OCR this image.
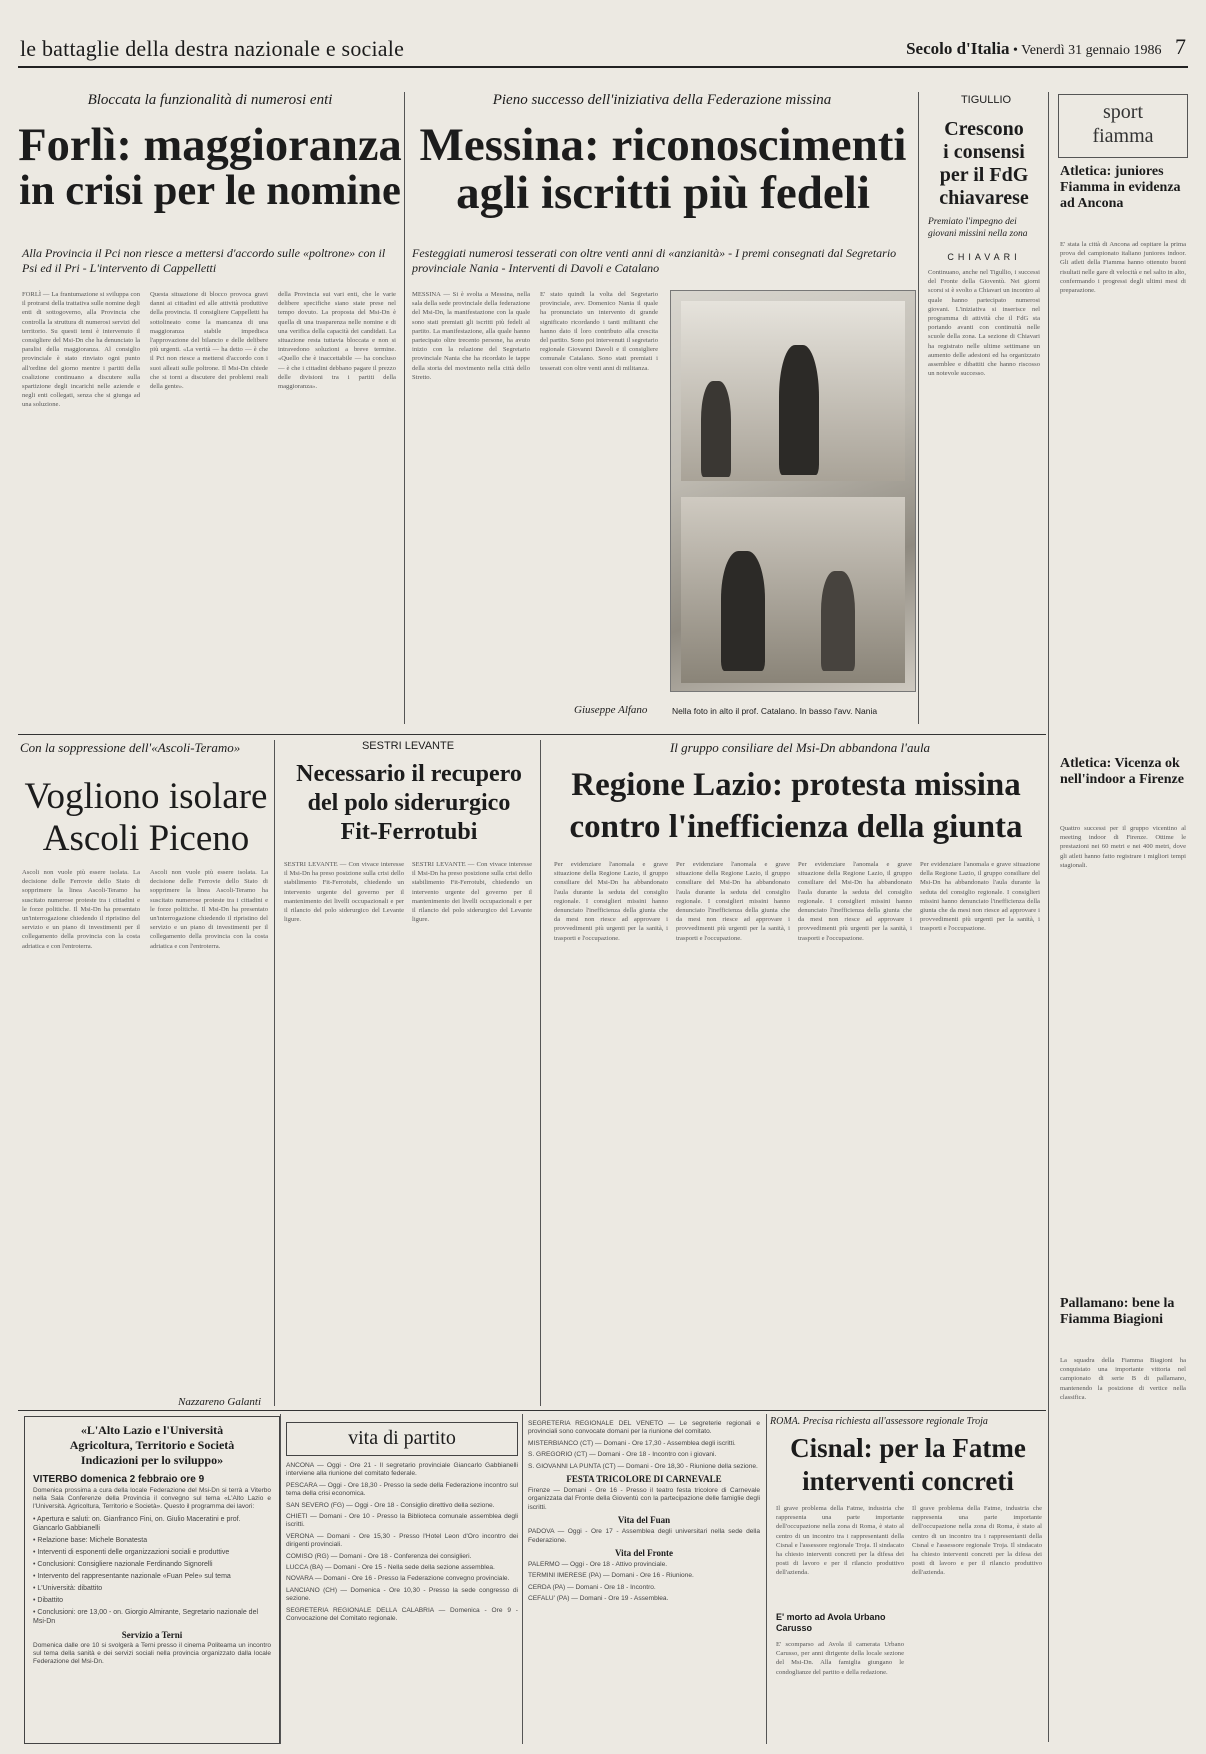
le battaglie della destra nazionale e sociale	Secolo d'Italia • Venerdì 31 gennaio 1986 7
Bloccata la funzionalità di numerosi enti
Forlì: maggioranza
in crisi per le nomine
Alla Provincia il Pci non riesce a mettersi d'accordo sulle «poltrone» con il Psi ed il Pri - L'intervento di Cappelletti
FORLÌ — La frantumazione si sviluppa con il protrarsi della trattativa sulle nomine degli enti di sottogoverno, alla Provincia che controlla la struttura di numerosi servizi del territorio. Su questi temi è intervenuto il consigliere del Msi-Dn che ha denunciato la paralisi della maggioranza. Al consiglio provinciale è stato rinviato ogni punto all'ordine del giorno mentre i partiti della coalizione continuano a discutere sulla spartizione degli incarichi nelle aziende e negli enti collegati, senza che si giunga ad una soluzione.
Questa situazione di blocco provoca gravi danni ai cittadini ed alle attività produttive della provincia. Il consigliere Cappelletti ha sottolineato come la mancanza di una maggioranza stabile impedisca l'approvazione del bilancio e delle delibere più urgenti. «La verità — ha detto — è che il Pci non riesce a mettersi d'accordo con i suoi alleati sulle poltrone. Il Msi-Dn chiede che si torni a discutere dei problemi reali della gente».
della Provincia sui vari enti, che le varie delibere specifiche siano state prese nel tempo dovuto. La proposta del Msi-Dn è quella di una trasparenza nelle nomine e di una verifica della capacità dei candidati. La situazione resta tuttavia bloccata e non si intravedono soluzioni a breve termine. «Quello che è inaccettabile — ha concluso — è che i cittadini debbano pagare il prezzo delle divisioni tra i partiti della maggioranza».
Pieno successo dell'iniziativa della Federazione missina
Messina: riconoscimenti
agli iscritti più fedeli
Festeggiati numerosi tesserati con oltre venti anni di «anzianità» - I premi consegnati dal Segretario provinciale Nania - Interventi di Davoli e Catalano
MESSINA — Si è svolta a Messina, nella sala della sede provinciale della federazione del Msi-Dn, la manifestazione con la quale sono stati premiati gli iscritti più fedeli al partito. La manifestazione, alla quale hanno partecipato oltre trecento persone, ha avuto inizio con la relazione del Segretario provinciale Nania che ha ricordato le tappe della storia del movimento nella città dello Stretto.
E' stato quindi la volta del Segretario provinciale, avv. Domenico Nania il quale ha pronunciato un intervento di grande significato ricordando i tanti militanti che hanno dato il loro contributo alla crescita del partito. Sono poi intervenuti il segretario regionale Giovanni Davoli e il consigliere comunale Catalano. Sono stati premiati i tesserati con oltre venti anni di militanza.
Giuseppe Alfano	Nella foto in alto il prof. Catalano. In basso l'avv. Nania
TIGULLIO
Crescono
i consensi
per il FdG
chiavarese
Premiato l'impegno dei giovani missini nella zona
CHIAVARI
Continuano, anche nel Tigullio, i successi del Fronte della Gioventù. Nei giorni scorsi si è svolto a Chiavari un incontro al quale hanno partecipato numerosi giovani. L'iniziativa si inserisce nel programma di attività che il FdG sta portando avanti con continuità nelle scuole della zona. La sezione di Chiavari ha registrato nelle ultime settimane un aumento delle adesioni ed ha organizzato assemblee e dibattiti che hanno riscosso un notevole successo.
sport
fiamma
Atletica: juniores Fiamma in evidenza ad Ancona
E' stata la città di Ancona ad ospitare la prima prova del campionato italiano juniores indoor. Gli atleti della Fiamma hanno ottenuto buoni risultati nelle gare di velocità e nel salto in alto, confermando i progressi degli ultimi mesi di preparazione.
Atletica: Vicenza ok nell'indoor a Firenze
Quattro successi per il gruppo vicentino al meeting indoor di Firenze. Ottime le prestazioni nei 60 metri e nei 400 metri, dove gli atleti hanno fatto registrare i migliori tempi stagionali.
Pallamano: bene la Fiamma Biagioni
La squadra della Fiamma Biagioni ha conquistato una importante vittoria nel campionato di serie B di pallamano, mantenendo la posizione di vertice nella classifica.
Con la soppressione dell'«Ascoli-Teramo»
Vogliono isolare
Ascoli Piceno
Ascoli non vuole più essere isolata. La decisione delle Ferrovie dello Stato di sopprimere la linea Ascoli-Teramo ha suscitato numerose proteste tra i cittadini e le forze politiche. Il Msi-Dn ha presentato un'interrogazione chiedendo il ripristino del servizio e un piano di investimenti per il collegamento della provincia con la costa adriatica e con l'entroterra.
Ascoli non vuole più essere isolata. La decisione delle Ferrovie dello Stato di sopprimere la linea Ascoli-Teramo ha suscitato numerose proteste tra i cittadini e le forze politiche. Il Msi-Dn ha presentato un'interrogazione chiedendo il ripristino del servizio e un piano di investimenti per il collegamento della provincia con la costa adriatica e con l'entroterra.
Nazzareno Galanti
SESTRI LEVANTE
Necessario il recupero
del polo siderurgico
Fit-Ferrotubi
SESTRI LEVANTE — Con vivace interesse il Msi-Dn ha preso posizione sulla crisi dello stabilimento Fit-Ferrotubi, chiedendo un intervento urgente del governo per il mantenimento dei livelli occupazionali e per il rilancio del polo siderurgico del Levante ligure.
SESTRI LEVANTE — Con vivace interesse il Msi-Dn ha preso posizione sulla crisi dello stabilimento Fit-Ferrotubi, chiedendo un intervento urgente del governo per il mantenimento dei livelli occupazionali e per il rilancio del polo siderurgico del Levante ligure.
Il gruppo consiliare del Msi-Dn abbandona l'aula
Regione Lazio: protesta missina
contro l'inefficienza della giunta
Per evidenziare l'anomala e grave situazione della Regione Lazio, il gruppo consiliare del Msi-Dn ha abbandonato l'aula durante la seduta del consiglio regionale. I consiglieri missini hanno denunciato l'inefficienza della giunta che da mesi non riesce ad approvare i provvedimenti più urgenti per la sanità, i trasporti e l'occupazione.
Per evidenziare l'anomala e grave situazione della Regione Lazio, il gruppo consiliare del Msi-Dn ha abbandonato l'aula durante la seduta del consiglio regionale. I consiglieri missini hanno denunciato l'inefficienza della giunta che da mesi non riesce ad approvare i provvedimenti più urgenti per la sanità, i trasporti e l'occupazione.
Per evidenziare l'anomala e grave situazione della Regione Lazio, il gruppo consiliare del Msi-Dn ha abbandonato l'aula durante la seduta del consiglio regionale. I consiglieri missini hanno denunciato l'inefficienza della giunta che da mesi non riesce ad approvare i provvedimenti più urgenti per la sanità, i trasporti e l'occupazione.
Per evidenziare l'anomala e grave situazione della Regione Lazio, il gruppo consiliare del Msi-Dn ha abbandonato l'aula durante la seduta del consiglio regionale. I consiglieri missini hanno denunciato l'inefficienza della giunta che da mesi non riesce ad approvare i provvedimenti più urgenti per la sanità, i trasporti e l'occupazione.
«L'Alto Lazio e l'Università
Agricoltura, Territorio e Società
Indicazioni per lo sviluppo»
VITERBO domenica 2 febbraio ore 9
Domenica prossima a cura della locale Federazione del Msi-Dn si terrà a Viterbo nella Sala Conferenze della Provincia il convegno sul tema «L'Alto Lazio e l'Università. Agricoltura, Territorio e Società». Questo il programma dei lavori:
• Apertura e saluti: on. Gianfranco Fini, on. Giulio Maceratini e prof. Giancarlo Gabbianelli
• Relazione base: Michele Bonatesta
• Interventi di esponenti delle organizzazioni sociali e produttive
• Conclusioni: Consigliere nazionale Ferdinando Signorelli
• Intervento del rappresentante nazionale «Fuan Pele» sul tema
• L'Università: dibattito
• Dibattito
• Conclusioni: ore 13,00 - on. Giorgio Almirante, Segretario nazionale del Msi-Dn
Servizio a Terni
Domenica dalle ore 10 si svolgerà a Terni presso il cinema Politeama un incontro sul tema della sanità e dei servizi sociali nella provincia organizzato dalla locale Federazione del Msi-Dn.
vita di partito
ANCONA — Oggi - Ore 21 - Il segretario provinciale Giancarlo Gabbianelli interviene alla riunione del comitato federale.
PESCARA — Oggi - Ore 18,30 - Presso la sede della Federazione incontro sul tema della crisi economica.
SAN SEVERO (FG) — Oggi - Ore 18 - Consiglio direttivo della sezione.
CHIETI — Domani - Ore 10 - Presso la Biblioteca comunale assemblea degli iscritti.
VERONA — Domani - Ore 15,30 - Presso l'Hotel Leon d'Oro incontro dei dirigenti provinciali.
COMISO (RG) — Domani - Ore 18 - Conferenza dei consiglieri.
LUCCA (BA) — Domani - Ore 15 - Nella sede della sezione assemblea.
NOVARA — Domani - Ore 16 - Presso la Federazione convegno provinciale.
LANCIANO (CH) — Domenica - Ore 10,30 - Presso la sede congresso di sezione.
SEGRETERIA REGIONALE DELLA CALABRIA — Domenica - Ore 9 - Convocazione del Comitato regionale.
SEGRETERIA REGIONALE DEL VENETO — Le segreterie regionali e provinciali sono convocate domani per la riunione del comitato.
MISTERBIANCO (CT) — Domani - Ore 17,30 - Assemblea degli iscritti.
S. GREGORIO (CT) — Domani - Ore 18 - Incontro con i giovani.
S. GIOVANNI LA PUNTA (CT) — Domani - Ore 18,30 - Riunione della sezione.
FESTA TRICOLORE DI CARNEVALE
Firenze — Domani - Ore 16 - Presso il teatro festa tricolore di Carnevale organizzata dal Fronte della Gioventù con la partecipazione delle famiglie degli iscritti.
Vita del Fuan
PADOVA — Oggi - Ore 17 - Assemblea degli universitari nella sede della Federazione.
Vita del Fronte
PALERMO — Oggi - Ore 18 - Attivo provinciale.
TERMINI IMERESE (PA) — Domani - Ore 16 - Riunione.
CERDA (PA) — Domani - Ore 18 - Incontro.
CEFALU' (PA) — Domani - Ore 19 - Assemblea.
ROMA. Precisa richiesta all'assessore regionale Troja
Cisnal: per la Fatme
interventi concreti
Il grave problema della Fatme, industria che rappresenta una parte importante dell'occupazione nella zona di Roma, è stato al centro di un incontro tra i rappresentanti della Cisnal e l'assessore regionale Troja. Il sindacato ha chiesto interventi concreti per la difesa dei posti di lavoro e per il rilancio produttivo dell'azienda.
Il grave problema della Fatme, industria che rappresenta una parte importante dell'occupazione nella zona di Roma, è stato al centro di un incontro tra i rappresentanti della Cisnal e l'assessore regionale Troja. Il sindacato ha chiesto interventi concreti per la difesa dei posti di lavoro e per il rilancio produttivo dell'azienda.
E' morto ad Avola Urbano Carusso
E' scomparso ad Avola il camerata Urbano Carusso, per anni dirigente della locale sezione del Msi-Dn. Alla famiglia giungano le condoglianze del partito e della redazione.
